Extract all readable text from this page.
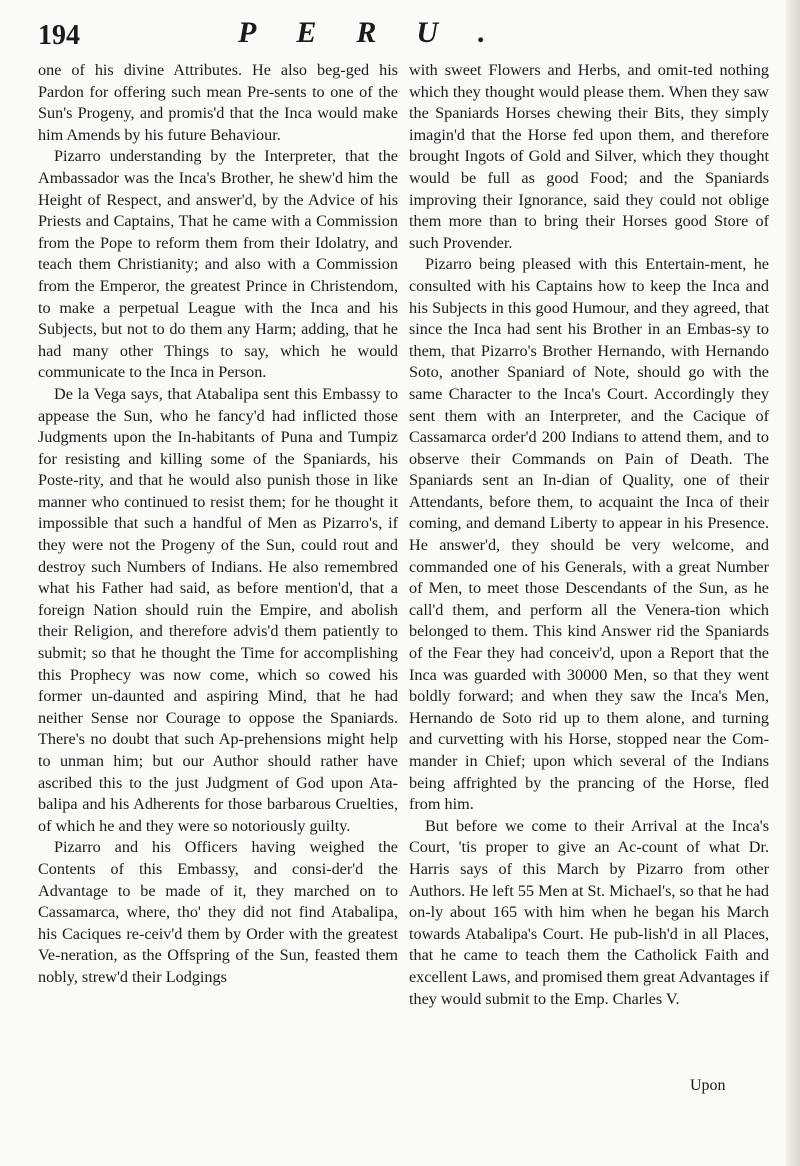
194	PERU.

one of his divine Attributes. He also beg-ged his Pardon for offering such mean Pre-sents to one of the Sun's Progeny, and promis'd that the Inca would make him Amends by his future Behaviour.

Pizarro understanding by the Interpreter, that the Ambassador was the Inca's Brother, he shew'd him the Height of Respect, and answer'd, by the Advice of his Priests and Captains, That he came with a Commission from the Pope to reform them from their Idolatry, and teach them Christianity; and also with a Commission from the Emperor, the greatest Prince in Christendom, to make a perpetual League with the Inca and his Subjects, but not to do them any Harm; adding, that he had many other Things to say, which he would communicate to the Inca in Person.

De la Vega says, that Atabalipa sent this Embassy to appease the Sun, who he fancy'd had inflicted those Judgments upon the In-habitants of Puna and Tumpiz for resisting and killing some of the Spaniards, his Poste-rity, and that he would also punish those in like manner who continued to resist them; for he thought it impossible that such a handful of Men as Pizarro's, if they were not the Progeny of the Sun, could rout and destroy such Numbers of Indians. He also remembred what his Father had said, as before mention'd, that a foreign Nation should ruin the Empire, and abolish their Religion, and therefore advis'd them patiently to submit; so that he thought the Time for accomplishing this Prophecy was now come, which so cowed his former un-daunted and aspiring Mind, that he had neither Sense nor Courage to oppose the Spaniards. There's no doubt that such Ap-prehensions might help to unman him; but our Author should rather have ascribed this to the just Judgment of God upon Ata-balipa and his Adherents for those barbarous Cruelties, of which he and they were so notoriously guilty.

Pizarro and his Officers having weighed the Contents of this Embassy, and consi-der'd the Advantage to be made of it, they marched on to Cassamarca, where, tho' they did not find Atabalipa, his Caciques re-ceiv'd them by Order with the greatest Ve-neration, as the Offspring of the Sun, feasted them nobly, strew'd their Lodgings

with sweet Flowers and Herbs, and omit-ted nothing which they thought would please them. When they saw the Spaniards Horses chewing their Bits, they simply imagin'd that the Horse fed upon them, and therefore brought Ingots of Gold and Silver, which they thought would be full as good Food; and the Spaniards improving their Ignorance, said they could not oblige them more than to bring their Horses good Store of such Provender.

Pizarro being pleased with this Entertain-ment, he consulted with his Captains how to keep the Inca and his Subjects in this good Humour, and they agreed, that since the Inca had sent his Brother in an Embas-sy to them, that Pizarro's Brother Hernando, with Hernando Soto, another Spaniard of Note, should go with the same Character to the Inca's Court. Accordingly they sent them with an Interpreter, and the Cacique of Cassamarca order'd 200 Indians to attend them, and to observe their Commands on Pain of Death. The Spaniards sent an In-dian of Quality, one of their Attendants, before them, to acquaint the Inca of their coming, and demand Liberty to appear in his Presence. He answer'd, they should be very welcome, and commanded one of his Generals, with a great Number of Men, to meet those Descendants of the Sun, as he call'd them, and perform all the Venera-tion which belonged to them. This kind Answer rid the Spaniards of the Fear they had conceiv'd, upon a Report that the Inca was guarded with 30000 Men, so that they went boldly forward; and when they saw the Inca's Men, Hernando de Soto rid up to them alone, and turning and curvetting with his Horse, stopped near the Com-mander in Chief; upon which several of the Indians being affrighted by the prancing of the Horse, fled from him.

But before we come to their Arrival at the Inca's Court, 'tis proper to give an Ac-count of what Dr. Harris says of this March by Pizarro from other Authors. He left 55 Men at St. Michael's, so that he had on-ly about 165 with him when he began his March towards Atabalipa's Court. He pub-lish'd in all Places, that he came to teach them the Catholick Faith and excellent Laws, and promised them great Advantages if they would submit to the Emp. Charles V.

Upon
